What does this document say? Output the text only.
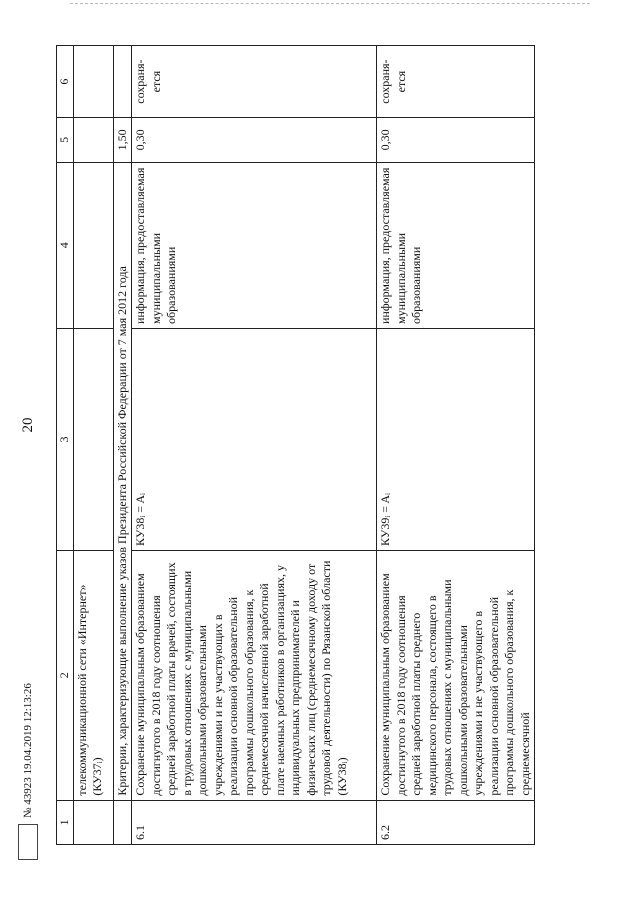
20
1	2	3	4	5	6
	телекоммуникационной сети «Интернет» (КУ37ᵢ)				
	Критерии, характеризующие выполнение указов Президента Российской Федерации от 7 мая 2012 года			1,50	
6.1	Сохранение муниципальным образованием достигнутого в 2018 году соотношения средней заработной платы врачей, состоящих в трудовых отношениях с муниципальными дошкольными образовательными учреждениями и не участвующих в реализации основной образовательной программы дошкольного образования, к среднемесячной начисленной заработной плате наемных работников в организациях, у индивидуальных предпринимателей и физических лиц (среднемесячному доходу от трудовой деятельности) по Рязанской области (КУ38ᵢ)	КУ38ᵢ = Aᵢ	информация, предоставляемая муниципальными образованиями	0,30	сохраня-ется
6.2	Сохранение муниципальным образованием достигнутого в 2018 году соотношения средней заработной платы среднего медицинского персонала, состоящего в трудовых отношениях с муниципальными дошкольными образовательными учреждениями и не участвующего в реализации основной образовательной программы дошкольного образования, к среднемесячной	КУ39ᵢ = Aᵢ	информация, предоставляемая муниципальными образованиями	0,30	сохраня-ется
№ 43923 19.04.2019 12:13:26
